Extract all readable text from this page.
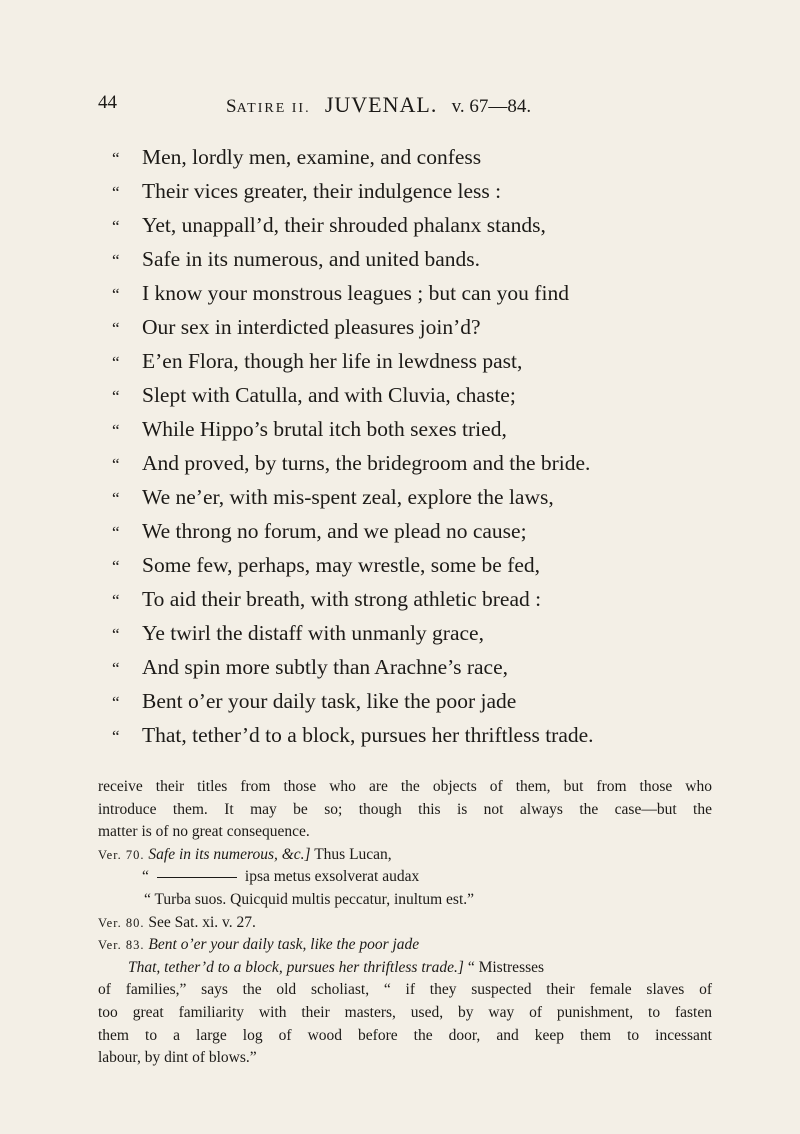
44	SATIRE II. JUVENAL. v. 67—84.
“ Men, lordly men, examine, and confess
“ Their vices greater, their indulgence less :
“ Yet, unappall’d, their shrouded phalanx stands,
“ Safe in its numerous, and united bands.
“ I know your monstrous leagues ; but can you find
“ Our sex in interdicted pleasures join’d?
“ E’en Flora, though her life in lewdness past,
“ Slept with Catulla, and with Cluvia, chaste;
“ While Hippo’s brutal itch both sexes tried,
“ And proved, by turns, the bridegroom and the bride.
“ We ne’er, with mis-spent zeal, explore the laws,
“ We throng no forum, and we plead no cause;
“ Some few, perhaps, may wrestle, some be fed,
“ To aid their breath, with strong athletic bread :
“ Ye twirl the distaff with unmanly grace,
“ And spin more subtly than Arachne’s race,
“ Bent o’er your daily task, like the poor jade
“ That, tether’d to a block, pursues her thriftless trade.

receive their titles from those who are the objects of them, but from those who

introduce them. It may be so; though this is not always the case—but the

matter is of no great consequence.

Ver. 70. Safe in its numerous, &c.] Thus Lucan,

“	ipsa metus exsolverat audax

“ Turba suos. Quicquid multis peccatur, inultum est.”

Ver. 80. See Sat. xi. v. 27.

Ver. 83. Bent o’er your daily task, like the poor jade

That, tether’d to a block, pursues her thriftless trade.] “ Mistresses

of families,” says the old scholiast, “ if they suspected their female slaves of

too great familiarity with their masters, used, by way of punishment, to fasten

them to a large log of wood before the door, and keep them to incessant

labour, by dint of blows.”
